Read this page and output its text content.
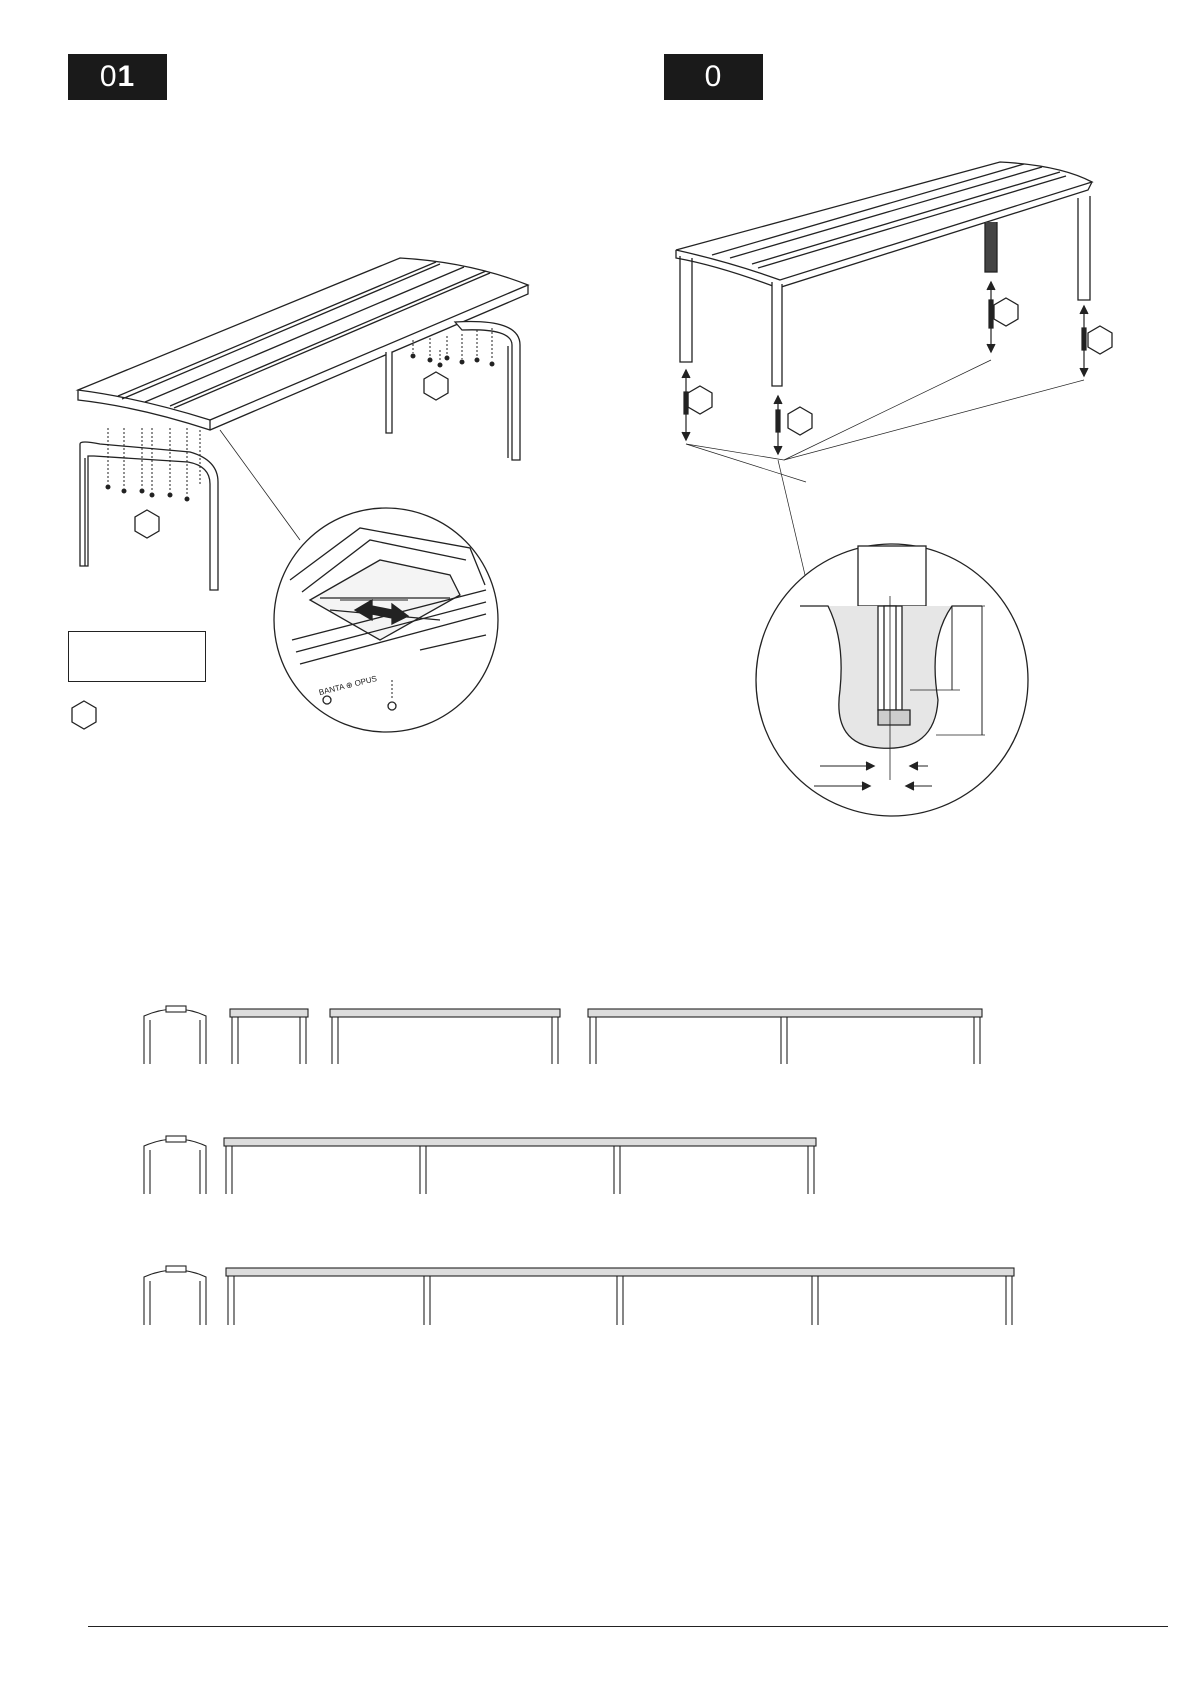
0 1	0
BANTA ⊕ OPUS
